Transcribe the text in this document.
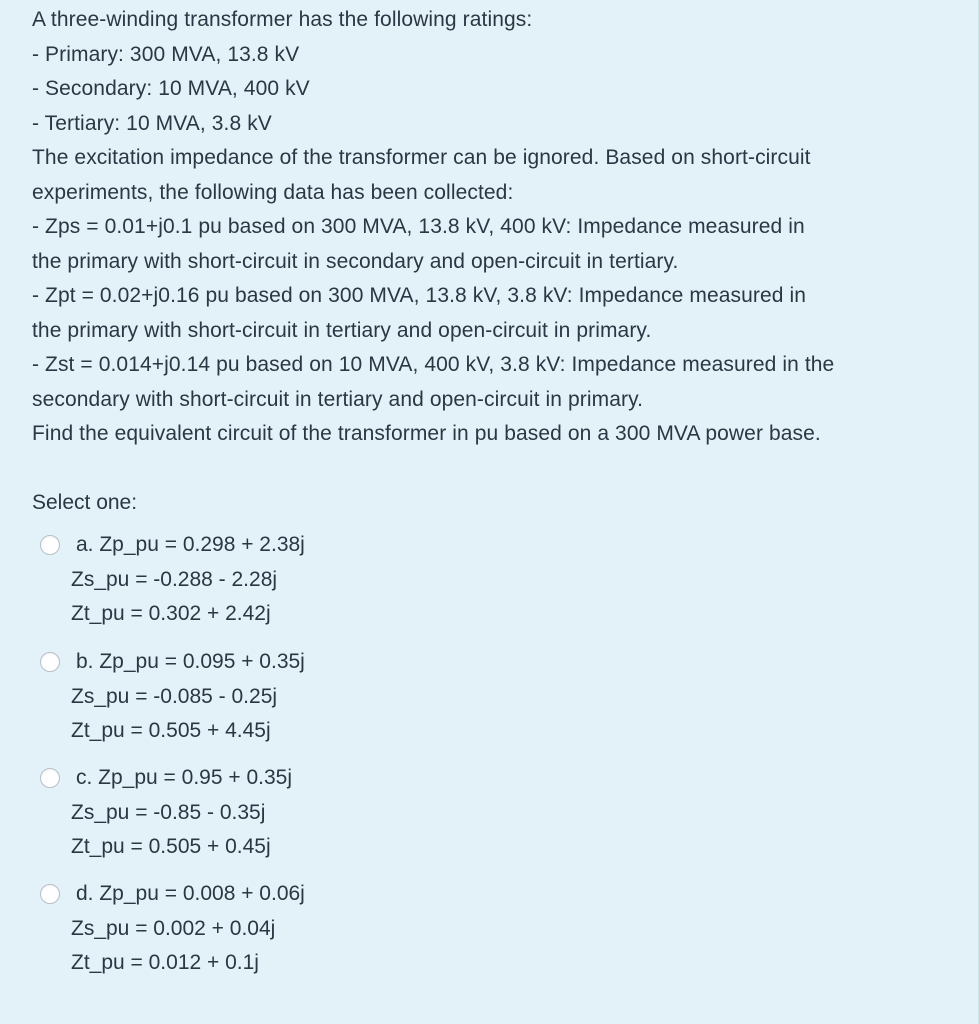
A three-winding transformer has the following ratings:
- Primary: 300 MVA, 13.8 kV
- Secondary: 10 MVA, 400 kV
- Tertiary: 10 MVA, 3.8 kV
The excitation impedance of the transformer can be ignored. Based on short-circuit
experiments, the following data has been collected:
- Zps = 0.01+j0.1 pu based on 300 MVA, 13.8 kV, 400 kV: Impedance measured in
the primary with short-circuit in secondary and open-circuit in tertiary.
- Zpt = 0.02+j0.16 pu based on 300 MVA, 13.8 kV, 3.8 kV: Impedance measured in
the primary with short-circuit in tertiary and open-circuit in primary.
- Zst = 0.014+j0.14 pu based on 10 MVA, 400 kV, 3.8 kV: Impedance measured in the
secondary with short-circuit in tertiary and open-circuit in primary.
Find the equivalent circuit of the transformer in pu based on a 300 MVA power base.
Select one:
a. Zp_pu = 0.298 + 2.38j
Zs_pu = -0.288 - 2.28j
Zt_pu = 0.302 + 2.42j
b. Zp_pu = 0.095 + 0.35j
Zs_pu = -0.085 - 0.25j
Zt_pu = 0.505 + 4.45j
c. Zp_pu = 0.95 + 0.35j
Zs_pu = -0.85 - 0.35j
Zt_pu = 0.505 + 0.45j
d. Zp_pu = 0.008 + 0.06j
Zs_pu = 0.002 + 0.04j
Zt_pu = 0.012 + 0.1j
